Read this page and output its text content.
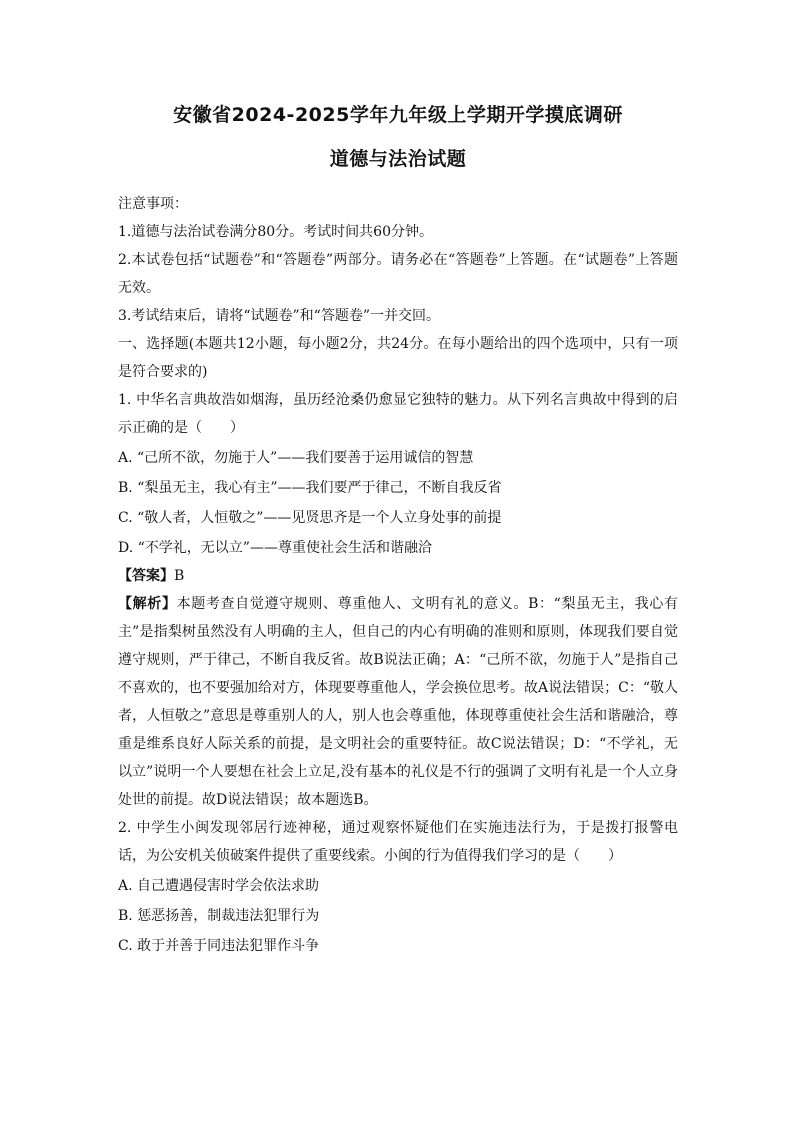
安徽省2024-2025学年九年级上学期开学摸底调研
道德与法治试题

注意事项：

1.道德与法治试卷满分80分。考试时间共60分钟。

2.本试卷包括“试题卷”和“答题卷”两部分。请务必在“答题卷”上答题。在“试题卷”上答题无效。

3.考试结束后，请将“试题卷”和“答题卷”一并交回。

一、选择题(本题共12小题，每小题2分，共24分。在每小题给出的四个选项中，只有一项是符合要求的)

1. 中华名言典故浩如烟海，虽历经沧桑仍愈显它独特的魅力。从下列名言典故中得到的启示正确的是（　　）

A. “己所不欲，勿施于人”——我们要善于运用诚信的智慧

B. “梨虽无主，我心有主”——我们要严于律己，不断自我反省

C. “敬人者，人恒敬之”——见贤思齐是一个人立身处事的前提

D. “不学礼，无以立”——尊重使社会生活和谐融洽

【答案】B

【解析】本题考查自觉遵守规则、尊重他人、文明有礼的意义。B：“梨虽无主，我心有主”是指梨树虽然没有人明确的主人，但自己的内心有明确的准则和原则，体现我们要自觉遵守规则，严于律己，不断自我反省。故B说法正确；A：“己所不欲，勿施于人”是指自己不喜欢的，也不要强加给对方，体现要尊重他人，学会换位思考。故A说法错误；C：“敬人者，人恒敬之”意思是尊重别人的人，别人也会尊重他，体现尊重使社会生活和谐融洽，尊重是维系良好人际关系的前提，是文明社会的重要特征。故C说法错误；D：“不学礼，无以立”说明一个人要想在社会上立足,没有基本的礼仪是不行的强调了文明有礼是一个人立身处世的前提。故D说法错误；故本题选B。

2. 中学生小闽发现邻居行迹神秘，通过观察怀疑他们在实施违法行为，于是拨打报警电话，为公安机关侦破案件提供了重要线索。小闽的行为值得我们学习的是（　　）

A. 自己遭遇侵害时学会依法求助

B. 惩恶扬善，制裁违法犯罪行为

C. 敢于并善于同违法犯罪作斗争
